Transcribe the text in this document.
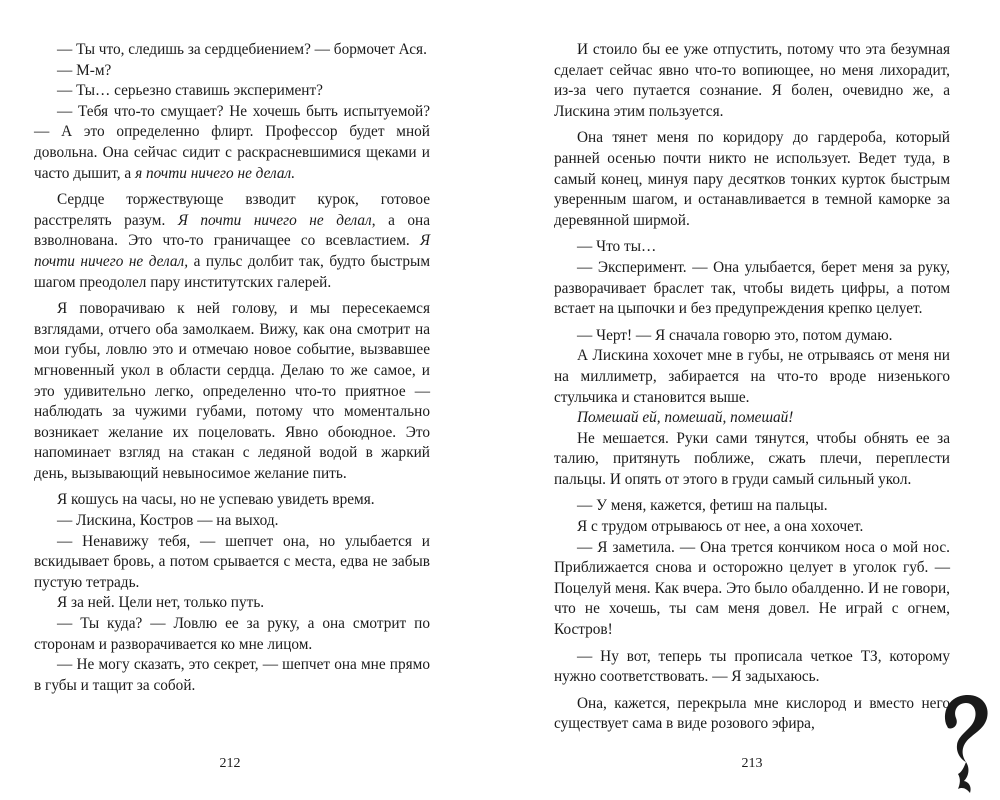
— Ты что, следишь за сердцебиением? — бормочет Ася.

— М-м?

— Ты… серьезно ставишь эксперимент?

— Тебя что-то смущает? Не хочешь быть испытуемой? — А это определенно флирт. Профессор будет мной довольна. Она сейчас сидит с раскрасневшимися щеками и часто дышит, а я почти ничего не делал.

Сердце торжествующе взводит курок, готовое расстрелять разум. Я почти ничего не делал, а она взволнована. Это что-то граничащее со всевластием. Я почти ничего не делал, а пульс долбит так, будто быстрым шагом преодолел пару институтских галерей.

Я поворачиваю к ней голову, и мы пересекаемся взглядами, отчего оба замолкаем. Вижу, как она смотрит на мои губы, ловлю это и отмечаю новое событие, вызвавшее мгновенный укол в области сердца. Делаю то же самое, и это удивительно легко, определенно что-то приятное — наблюдать за чужими губами, потому что моментально возникает желание их поцеловать. Явно обоюдное. Это напоминает взгляд на стакан с ледяной водой в жаркий день, вызывающий невыносимое желание пить.

Я кошусь на часы, но не успеваю увидеть время.

— Лискина, Костров — на выход.

— Ненавижу тебя, — шепчет она, но улыбается и вскидывает бровь, а потом срывается с места, едва не забыв пустую тетрадь.

Я за ней. Цели нет, только путь.

— Ты куда? — Ловлю ее за руку, а она смотрит по сторонам и разворачивается ко мне лицом.

— Не могу сказать, это секрет, — шепчет она мне прямо в губы и тащит за собой.

И стоило бы ее уже отпустить, потому что эта безумная сделает сейчас явно что-то вопиющее, но меня лихорадит, из-за чего путается сознание. Я болен, очевидно же, а Лискина этим пользуется.

Она тянет меня по коридору до гардероба, который ранней осенью почти никто не использует. Ведет туда, в самый конец, минуя пару десятков тонких курток быстрым уверенным шагом, и останавливается в темной каморке за деревянной ширмой.

— Что ты…

— Эксперимент. — Она улыбается, берет меня за руку, разворачивает браслет так, чтобы видеть цифры, а потом встает на цыпочки и без предупреждения крепко целует.

— Черт! — Я сначала говорю это, потом думаю.

А Лискина хохочет мне в губы, не отрываясь от меня ни на миллиметр, забирается на что-то вроде низенького стульчика и становится выше.

Помешай ей, помешай, помешай!

Не мешается. Руки сами тянутся, чтобы обнять ее за талию, притянуть поближе, сжать плечи, переплести пальцы. И опять от этого в груди самый сильный укол.

— У меня, кажется, фетиш на пальцы.

Я с трудом отрываюсь от нее, а она хохочет.

— Я заметила. — Она трется кончиком носа о мой нос. Приближается снова и осторожно целует в уголок губ. — Поцелуй меня. Как вчера. Это было обалденно. И не говори, что не хочешь, ты сам меня довел. Не играй с огнем, Костров!

— Ну вот, теперь ты прописала четкое ТЗ, которому нужно соответствовать. — Я задыхаюсь.

Она, кажется, перекрыла мне кислород и вместо него существует сама в виде розового эфира,

212	213
